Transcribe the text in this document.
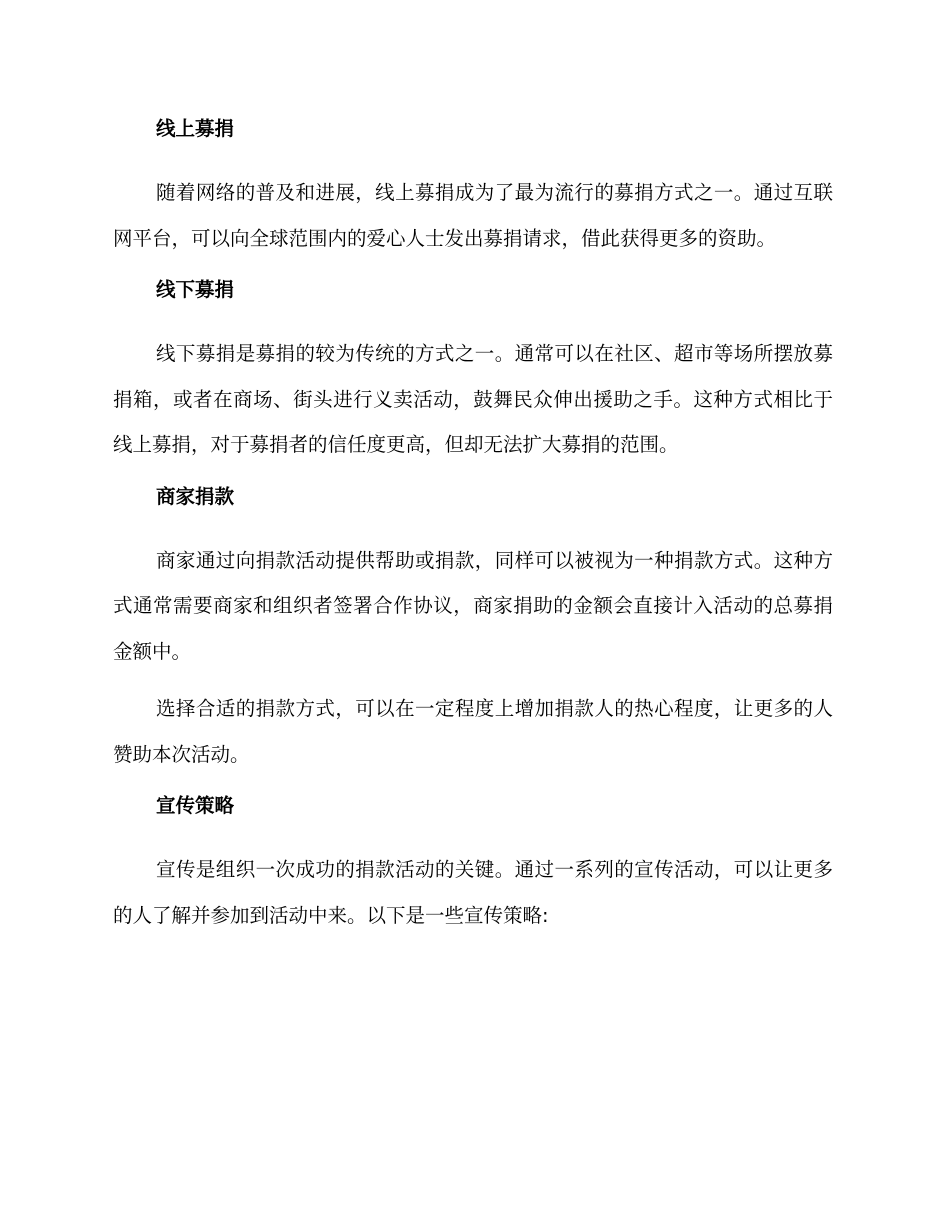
线上募捐

随着网络的普及和进展，线上募捐成为了最为流行的募捐方式之一。通过互联网平台，可以向全球范围内的爱心人士发出募捐请求，借此获得更多的资助。

线下募捐

线下募捐是募捐的较为传统的方式之一。通常可以在社区、超市等场所摆放募捐箱，或者在商场、街头进行义卖活动，鼓舞民众伸出援助之手。这种方式相比于线上募捐，对于募捐者的信任度更高，但却无法扩大募捐的范围。

商家捐款

商家通过向捐款活动提供帮助或捐款，同样可以被视为一种捐款方式。这种方式通常需要商家和组织者签署合作协议，商家捐助的金额会直接计入活动的总募捐金额中。

选择合适的捐款方式，可以在一定程度上增加捐款人的热心程度，让更多的人赞助本次活动。

宣传策略

宣传是组织一次成功的捐款活动的关键。通过一系列的宣传活动，可以让更多的人了解并参加到活动中来。以下是一些宣传策略:
